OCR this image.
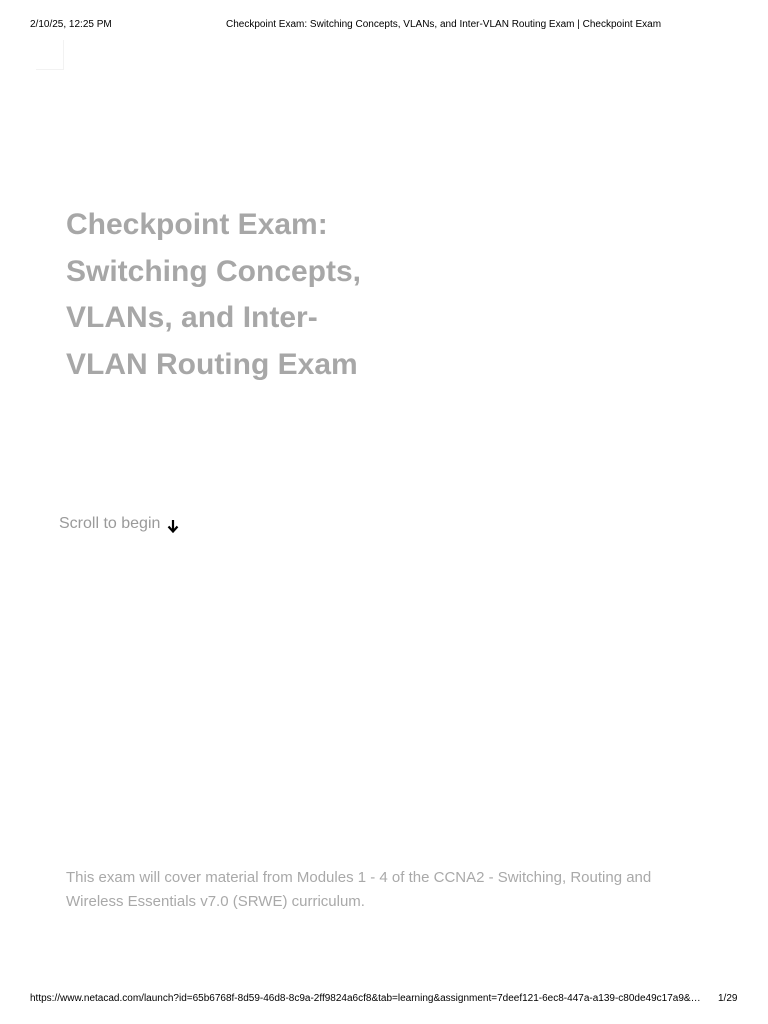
2/10/25, 12:25 PM	Checkpoint Exam: Switching Concepts, VLANs, and Inter-VLAN Routing Exam | Checkpoint Exam
Checkpoint Exam: Switching Concepts, VLANs, and Inter-VLAN Routing Exam
Scroll to begin

This exam will cover material from Modules 1 - 4 of the CCNA2 - Switching, Routing and Wireless Essentials v7.0 (SRWE) curriculum.

https://www.netacad.com/launch?id=65b6768f-8d59-46d8-8c9a-2ff9824a6cf8&tab=learning&assignment=7deef121-6ec8-447a-a139-c80de49c17a9&…	1/29
